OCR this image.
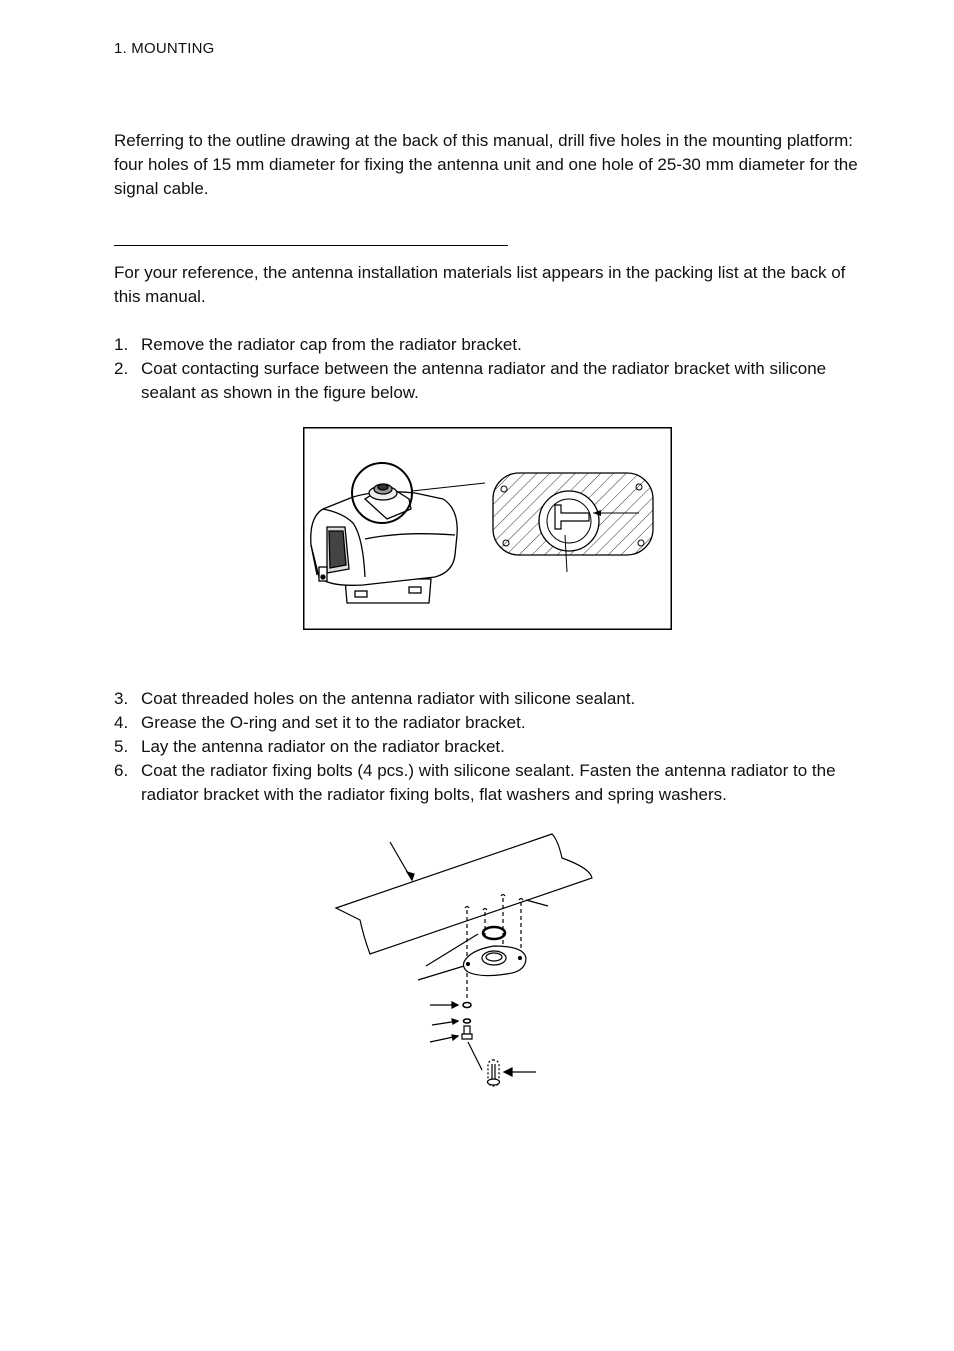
1. MOUNTING

Referring to the outline drawing at the back of this manual, drill five holes in the mounting platform: four holes of 15 mm diameter for fixing the antenna unit and one hole of 25-30 mm diameter for the signal cable.

For your reference, the antenna installation materials list appears in the packing list at the back of this manual.

1. Remove the radiator cap from the radiator bracket.
2. Coat contacting surface between the antenna radiator and the radiator bracket with silicone sealant as shown in the figure below.
3. Coat threaded holes on the antenna radiator with silicone sealant.
4. Grease the O-ring and set it to the radiator bracket.
5. Lay the antenna radiator on the radiator bracket.
6. Coat the radiator fixing bolts (4 pcs.) with silicone sealant. Fasten the antenna radiator to the radiator bracket with the radiator fixing bolts, flat washers and spring washers.
